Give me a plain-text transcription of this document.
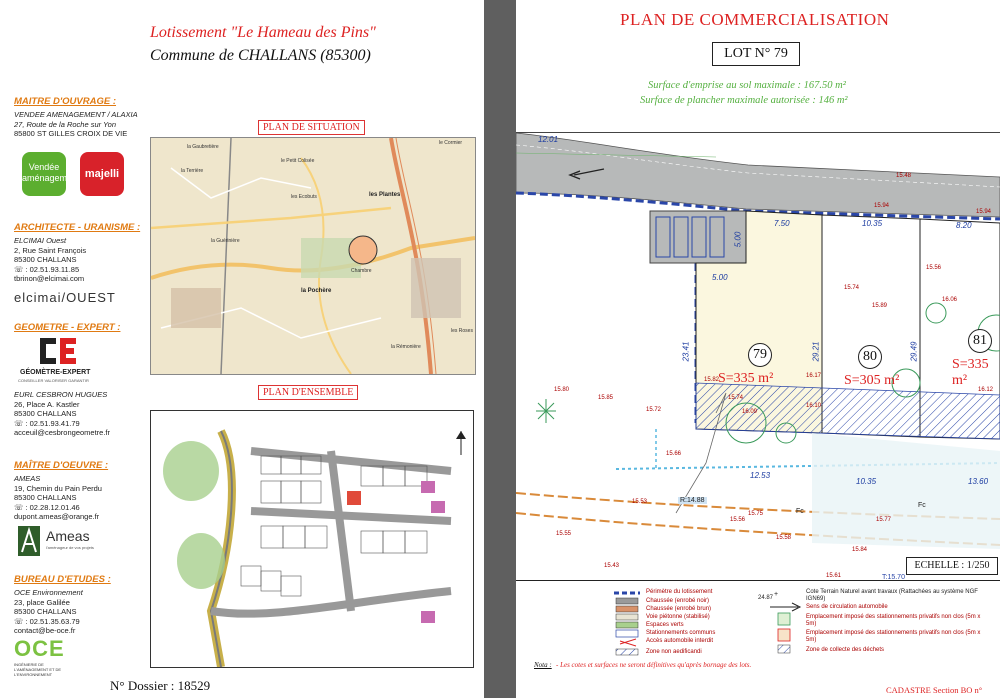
Lotissement "Le Hameau des Pins"
Commune de CHALLANS (85300)
MAITRE D'OUVRAGE :
VENDEE AMENAGEMENT / ALAXIA
27, Route de la Roche sur Yon
85800 ST GILLES CROIX DE VIE
Vendée aménagement majelli
ARCHITECTE - URANISME :
ELCIMAI Ouest
2, Rue Saint François
85300 CHALLANS
☏ : 02.51.93.11.85
tbrinon@elcimai.com
elcimai/OUEST
GEOMETRE - EXPERT :
GÉOMÈTRE-EXPERT
CONSEILLER VALORISER GARANTIR
EURL CESBRON HUGUES
26, Place A. Kastler
85300 CHALLANS
☏ : 02.51.93.41.79
acceuil@cesbrongeometre.fr
MAÎTRE D'OEUVRE :
AMEAS
19, Chemin du Pain Perdu
85300 CHALLANS
☏ : 02.28.12.01.46
dupont.ameas@orange.fr
Ameas
l'aménageur de vos projets
BUREAU D'ETUDES :
OCE Environnement
23, place Galilée
85300 CHALLANS
☏ : 02.51.35.63.79
contact@be-oce.fr
OCE
INGÉNIERIE DE L'AMÉNAGEMENT ET DE L'ENVIRONNEMENT
la Gaubretière
le Petit Colisée
le Cormier
les Plantes
les Ecobuts
la Pochère
la Rémonière
la Terrière
la Guérinière
les Roses
Chambre
PLAN DE SITUATION
PLAN D'ENSEMBLE
N° Dossier : 18529
PLAN DE COMMERCIALISATION
LOT N° 79
Surface d'emprise au sol maximale : 167.50 m²
Surface de plancher maximale autorisée : 146 m²
79
S=335 m²
80
S=305 m²
81
S=335 m²
12.01
7.50	10.35	8.20
5.00
5.00
23.41	29.21	29.49
12.53
10.35	13.60
15.94
15.94
15.89
15.74
15.56
15.48
15.80
15.85
15.72
15.82
15.74
16.09
16.10
16.17
15.66
15.53
15.56
15.75
15.58
15.55
15.43
15.61
15.77
15.84
16.12
16.06
R:14.88
Fc
Fc
T:15.70
ECHELLE : 1/250
+
Périmètre du lotissement
Chaussée (enrobé noir)
Chaussée (enrobé brun)
Voie piétonne (stabilisé)
Espaces verts
Stationnements communs
Accès automobile interdit
Zone non aedificandi
24.87
Cote Terrain Naturel avant travaux (Rattachées au système NGF IGN69)
Sens de circulation automobile
Emplacement imposé des stationnements privatifs non clos (5m x 5m)
Emplacement imposé des stationnements privatifs non clos (5m x 5m)
Zone de collecte des déchets
Nota : - Les cotes et surfaces ne seront définitives qu'après bornage des lots.
CADASTRE Section BO n°
